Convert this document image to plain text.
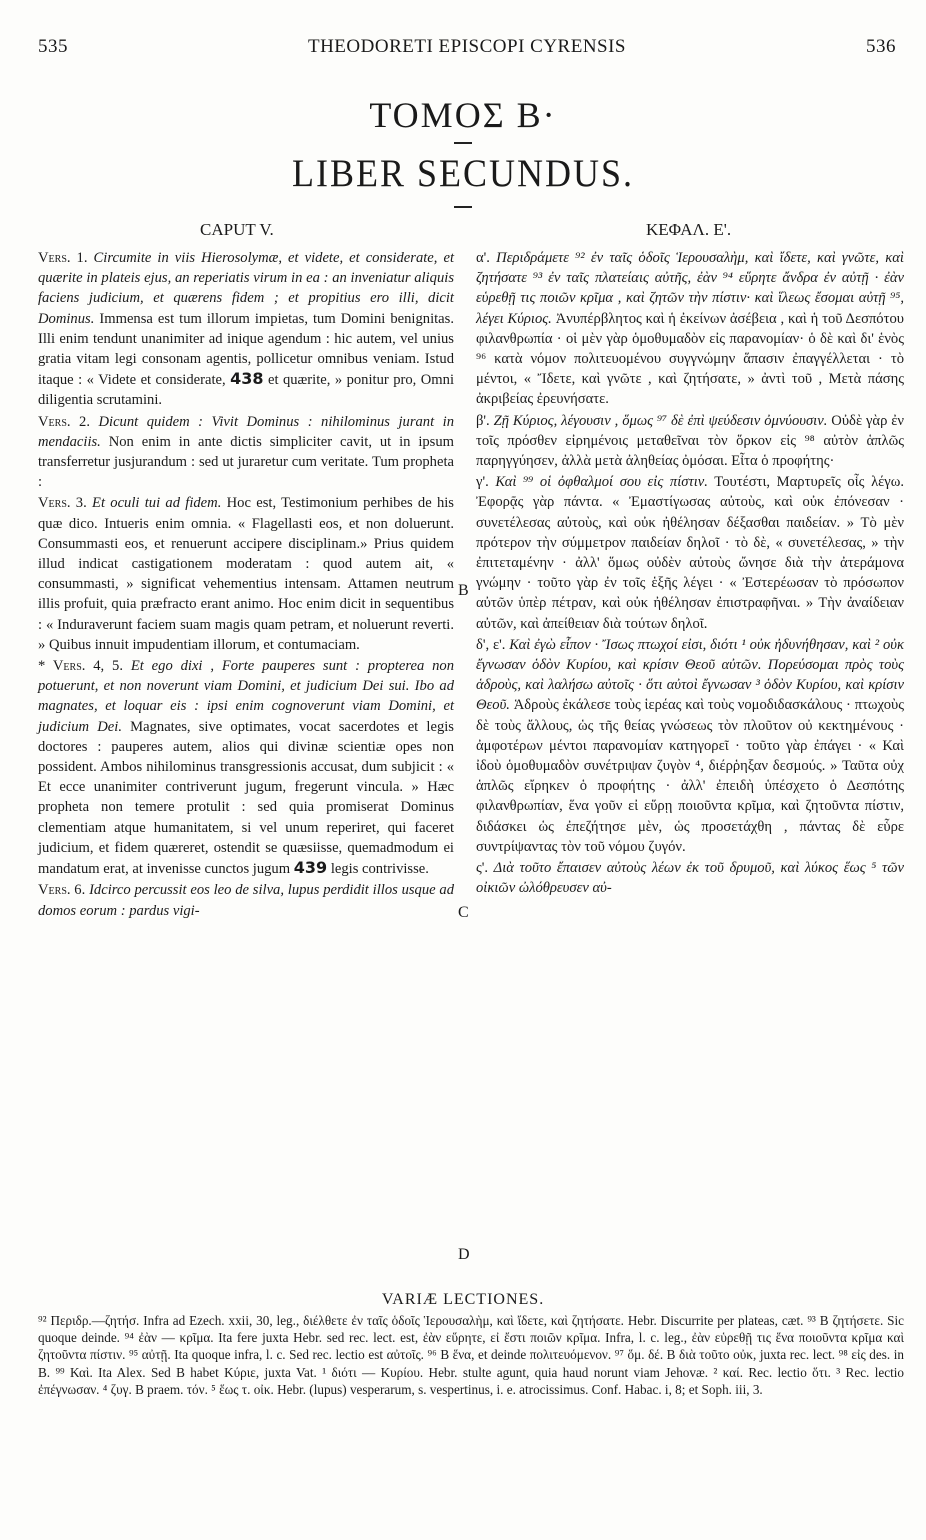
535	THEODORETI EPISCOPI CYRENSIS	536
ΤΟΜΟΣ Β·
LIBER SECUNDUS.
CAPUT V.	ΚΕΦΑΛ. Ε'.

Vers. 1. Circumite in viis Hierosolymæ, et videte, et considerate, et quærite in plateis ejus, an reperiatis virum in ea : an inveniatur aliquis faciens judicium, et quærens fidem ; et propitius ero illi, dicit Dominus. Immensa est tum illorum impietas, tum Domini benignitas. Illi enim tendunt unanimiter ad inique agendum : hic autem, vel unius gratia vitam legi consonam agentis, pollicetur omnibus veniam. Istud itaque : « Videte et considerate, 438 et quærite, » ponitur pro, Omni diligentia scrutamini.

Vers. 2. Dicunt quidem : Vivit Dominus : nihilominus jurant in mendaciis. Non enim in ante dictis simpliciter cavit, ut in ipsum transferretur jusjurandum : sed ut juraretur cum veritate. Tum propheta :

Vers. 3. Et oculi tui ad fidem. Hoc est, Testimonium perhibes de his quæ dico. Intueris enim omnia. « Flagellasti eos, et non doluerunt. Consummasti eos, et renuerunt accipere disciplinam.» Prius quidem illud indicat castigationem moderatam : quod autem ait, « consummasti, » significat vehementius intensam. Attamen neutrum illis profuit, quia præfracto erant animo. Hoc enim dicit in sequentibus : « Induraverunt faciem suam magis quam petram, et noluerunt reverti. » Quibus innuit impudentiam illorum, et contumaciam.

* Vers. 4, 5. Et ego dixi , Forte pauperes sunt : propterea non potuerunt, et non noverunt viam Domini, et judicium Dei sui. Ibo ad magnates, et loquar eis : ipsi enim cognoverunt viam Domini, et judicium Dei. Magnates, sive optimates, vocat sacerdotes et legis doctores : pauperes autem, alios qui divinæ scientiæ opes non possident. Ambos nihilominus transgressionis accusat, dum subjicit : « Et ecce unanimiter contriverunt jugum, fregerunt vincula. » Hæc propheta non temere protulit : sed quia promiserat Dominus clementiam atque humanitatem, si vel unum reperiret, qui faceret judicium, et fidem quæreret, ostendit se quæsiisse, quemadmodum ei mandatum erat, at invenisse cunctos jugum 439 legis contrivisse.

Vers. 6. Idcirco percussit eos leo de silva, lupus perdidit illos usque ad domos eorum : pardus vigi-

B
C
D

α'. Περιδράμετε ⁹² ἐν ταῖς ὁδοῖς Ἱερουσαλὴμ, καὶ ἴδετε, καὶ γνῶτε, καὶ ζητήσατε ⁹³ ἐν ταῖς πλατείαις αὐτῆς, ἐὰν ⁹⁴ εὕρητε ἄνδρα ἐν αὐτῇ · ἐὰν εὑρεθῇ τις ποιῶν κρῖμα , καὶ ζητῶν τὴν πίστιν· καὶ ἵλεως ἔσομαι αὐτῇ ⁹⁵, λέγει Κύριος. Ἀνυπέρβλητος καὶ ἡ ἐκείνων ἀσέβεια , καὶ ἡ τοῦ Δεσπότου φιλανθρωπία · οἱ μὲν γὰρ ὁμοθυμαδὸν εἰς παρανομίαν· ὁ δὲ καὶ δι' ἑνὸς ⁹⁶ κατὰ νόμον πολιτευομένου συγγνώμην ἅπασιν ἐπαγγέλλεται · τὸ μέντοι, « Ἴδετε, καὶ γνῶτε , καὶ ζητήσατε, » ἀντὶ τοῦ , Μετὰ πάσης ἀκριβείας ἐρευνήσατε.

β'. Ζῇ Κύριος, λέγουσιν , ὅμως ⁹⁷ δὲ ἐπὶ ψεύδεσιν ὀμνύουσιν. Οὐδὲ γὰρ ἐν τοῖς πρόσθεν εἰρημένοις μεταθεῖναι τὸν ὅρκον εἰς ⁹⁸ αὐτὸν ἁπλῶς παρηγγύησεν, ἀλλὰ μετὰ ἀληθείας ὀμόσαι. Εἶτα ὁ προφήτης·

γ'. Καὶ ⁹⁹ οἱ ὀφθαλμοί σου εἰς πίστιν. Τουτέστι, Μαρτυρεῖς οἷς λέγω. Ἐφορᾷς γὰρ πάντα. « Ἐμαστίγωσας αὐτοὺς, καὶ οὐκ ἐπόνεσαν · συνετέλεσας αὐτοὺς, καὶ οὐκ ἠθέλησαν δέξασθαι παιδείαν. » Τὸ μὲν πρότερον τὴν σύμμετρον παιδείαν δηλοῖ · τὸ δὲ, « συνετέλεσας, » τὴν ἐπιτεταμένην · ἀλλ' ὅμως οὐδὲν αὐτοὺς ὤνησε διὰ τὴν ἀτεράμονα γνώμην · τοῦτο γὰρ ἐν τοῖς ἑξῆς λέγει · « Ἐστερέωσαν τὸ πρόσωπον αὐτῶν ὑπὲρ πέτραν, καὶ οὐκ ἠθέλησαν ἐπιστραφῆναι. » Τὴν ἀναίδειαν αὐτῶν, καὶ ἀπείθειαν διὰ τούτων δηλοῖ.

δ', ε'. Καὶ ἐγὼ εἶπον · Ἴσως πτωχοί εἰσι, διότι ¹ οὐκ ἠδυνήθησαν, καὶ ² οὐκ ἔγνωσαν ὁδὸν Κυρίου, καὶ κρίσιν Θεοῦ αὐτῶν. Πορεύσομαι πρὸς τοὺς ἁδροὺς, καὶ λαλήσω αὐτοῖς · ὅτι αὐτοὶ ἔγνωσαν ³ ὁδὸν Κυρίου, καὶ κρίσιν Θεοῦ. Ἁδροὺς ἐκάλεσε τοὺς ἱερέας καὶ τοὺς νομοδιδασκάλους · πτωχοὺς δὲ τοὺς ἄλλους, ὡς τῆς θείας γνώσεως τὸν πλοῦτον οὐ κεκτημένους · ἀμφοτέρων μέντοι παρανομίαν κατηγορεῖ · τοῦτο γὰρ ἐπάγει · « Καὶ ἰδοὺ ὁμοθυμαδὸν συνέτριψαν ζυγὸν ⁴, διέρῥηξαν δεσμούς. » Ταῦτα οὐχ ἁπλῶς εἴρηκεν ὁ προφήτης · ἀλλ' ἐπειδὴ ὑπέσχετο ὁ Δεσπότης φιλανθρωπίαν, ἕνα γοῦν εἰ εὕρῃ ποιοῦντα κρῖμα, καὶ ζητοῦντα πίστιν, διδάσκει ὡς ἐπεζήτησε μὲν, ὡς προσετάχθη , πάντας δὲ εὗρε συντρίψαντας τὸν τοῦ νόμου ζυγόν.

ς'. Διὰ τοῦτο ἔπαισεν αὐτοὺς λέων ἐκ τοῦ δρυμοῦ, καὶ λύκος ἕως ⁵ τῶν οἰκιῶν ὠλόθρευσεν αὐ-

VARIÆ LECTIONES.
⁹² Περιδρ.—ζητήσ. Infra ad Ezech. xxii, 30, leg., διέλθετε ἐν ταῖς ὁδοῖς Ἱερουσαλὴμ, καὶ ἴδετε, καὶ ζητήσατε. Hebr. Discurrite per plateas, cæt. ⁹³ B ζητήσετε. Sic quoque deinde. ⁹⁴ ἐὰν — κρῖμα. Ita fere juxta Hebr. sed rec. lect. est, ἐὰν εὕρητε, εἰ ἔστι ποιῶν κρῖμα. Infra, l. c. leg., ἐὰν εὑρεθῇ τις ἕνα ποιοῦντα κρῖμα καὶ ζητοῦντα πίστιν. ⁹⁵ αὐτῇ. Ita quoque infra, l. c. Sed rec. lectio est αὐτοῖς. ⁹⁶ B ἕνα, et deinde πολιτευόμενον. ⁹⁷ ὅμ. δέ. B διὰ τοῦτο οὐκ, juxta rec. lect. ⁹⁸ εἰς des. in B. ⁹⁹ Καὶ. Ita Alex. Sed B habet Κύριε, juxta Vat. ¹ διότι — Κυρίου. Hebr. stulte agunt, quia haud norunt viam Jehovæ. ² καί. Rec. lectio ὅτι. ³ Rec. lectio ἐπέγνωσαν. ⁴ ζυγ. B praem. τόν. ⁵ ἕως τ. οἰκ. Hebr. (lupus) vesperarum, s. vespertinus, i. e. atrocissimus. Conf. Habac. i, 8; et Soph. iii, 3.
